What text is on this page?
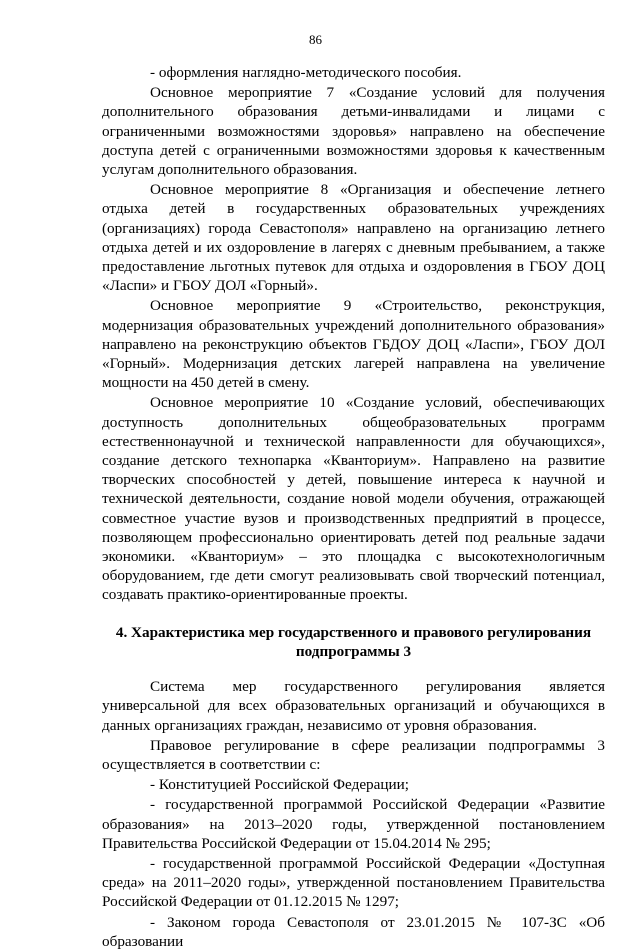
86

- оформления наглядно-методического пособия.

Основное мероприятие 7 «Создание условий для получения дополнительного образования детьми-инвалидами и лицами с ограниченными возможностями здоровья» направлено на обеспечение доступа детей с ограниченными возможностями здоровья к качественным услугам дополнительного образования.

Основное мероприятие 8 «Организация и обеспечение летнего отдыха детей в государственных образовательных учреждениях (организациях) города Севастополя» направлено на организацию летнего отдыха детей и их оздоровление в лагерях с дневным пребыванием, а также предоставление льготных путевок для отдыха и оздоровления в ГБОУ ДОЦ «Ласпи» и ГБОУ ДОЛ «Горный».

Основное мероприятие 9 «Строительство, реконструкция, модернизация образовательных учреждений дополнительного образования» направлено на реконструкцию объектов ГБДОУ ДОЦ «Ласпи», ГБОУ ДОЛ «Горный». Модернизация детских лагерей направлена на увеличение мощности на 450 детей в смену.

Основное мероприятие 10 «Создание условий, обеспечивающих доступность дополнительных общеобразовательных программ естественнонаучной и технической направленности для обучающихся», создание детского технопарка «Кванториум». Направлено на развитие творческих способностей у детей, повышение интереса к научной и технической деятельности, создание новой модели обучения, отражающей совместное участие вузов и производственных предприятий в процессе, позволяющем профессионально ориентировать детей под реальные задачи экономики. «Кванториум» – это площадка с высокотехнологичным оборудованием, где дети смогут реализовывать свой творческий потенциал, создавать практико-ориентированные проекты.

4. Характеристика мер государственного и правового регулирования
подпрограммы 3

Система мер государственного регулирования является универсальной для всех образовательных организаций и обучающихся в данных организациях граждан, независимо от уровня образования.

Правовое регулирование в сфере реализации подпрограммы 3 осуществляется в соответствии с:

- Конституцией Российской Федерации;

- государственной программой Российской Федерации «Развитие образования» на 2013–2020 годы, утвержденной постановлением Правительства Российской Федерации от 15.04.2014 № 295;

- государственной программой Российской Федерации «Доступная среда» на 2011–2020 годы», утвержденной постановлением Правительства Российской Федерации от 01.12.2015 № 1297;

- Законом города Севастополя от 23.01.2015 № 107-ЗС «Об образовании
